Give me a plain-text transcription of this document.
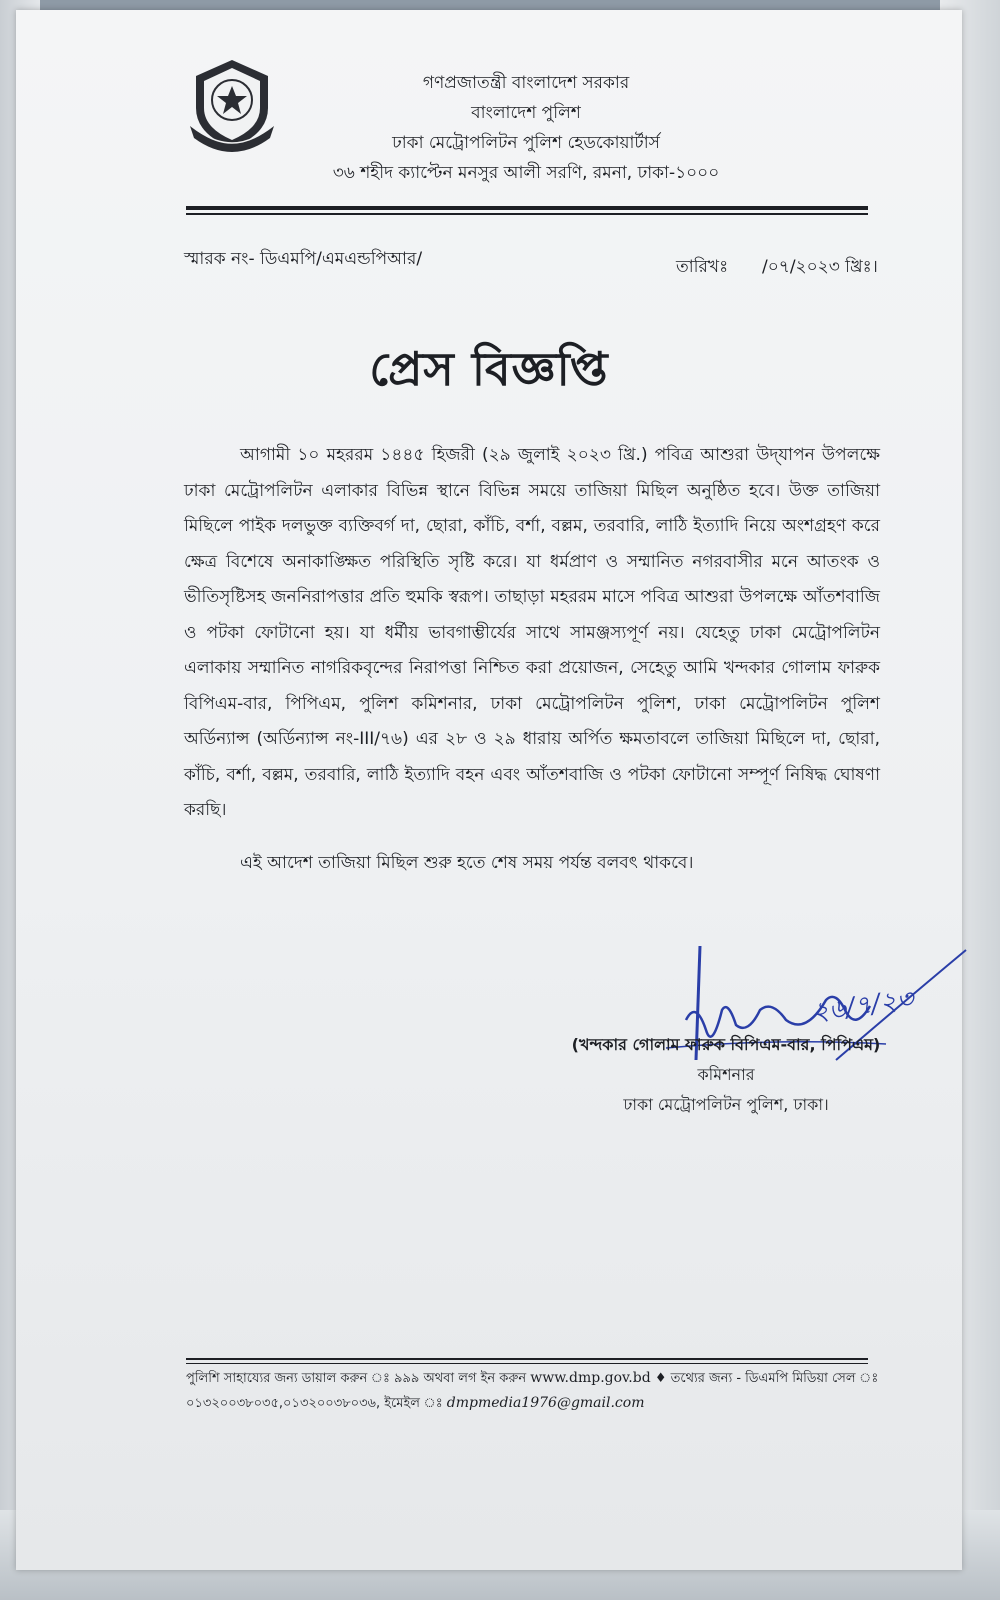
গণপ্রজাতন্ত্রী বাংলাদেশ সরকার
বাংলাদেশ পুলিশ
ঢাকা মেট্রোপলিটন পুলিশ হেডকোয়ার্টার্স
৩৬ শহীদ ক্যাপ্টেন মনসুর আলী সরণি, রমনা, ঢাকা-১০০০
স্মারক নং- ডিএমপি/এমএন্ডপিআর/	তারিখঃ /০৭/২০২৩ খ্রিঃ।
প্রেস বিজ্ঞপ্তি
আগামী ১০ মহররম ১৪৪৫ হিজরী (২৯ জুলাই ২০২৩ খ্রি.) পবিত্র আশুরা উদ্‌যাপন উপলক্ষে ঢাকা মেট্রোপলিটন এলাকার বিভিন্ন স্থানে বিভিন্ন সময়ে তাজিয়া মিছিল অনুষ্ঠিত হবে। উক্ত তাজিয়া মিছিলে পাইক দলভুক্ত ব্যক্তিবর্গ দা, ছোরা, কাঁচি, বর্শা, বল্লম, তরবারি, লাঠি ইত্যাদি নিয়ে অংশগ্রহণ করে ক্ষেত্র বিশেষে অনাকাঙ্ক্ষিত পরিস্থিতি সৃষ্টি করে। যা ধর্মপ্রাণ ও সম্মানিত নগরবাসীর মনে আতংক ও ভীতিসৃষ্টিসহ জননিরাপত্তার প্রতি হুমকি স্বরূপ। তাছাড়া মহররম মাসে পবিত্র আশুরা উপলক্ষে আঁতশবাজি ও পটকা ফোটানো হয়। যা ধর্মীয় ভাবগাম্ভীর্যের সাথে সামঞ্জস্যপূর্ণ নয়। যেহেতু ঢাকা মেট্রোপলিটন এলাকায় সম্মানিত নাগরিকবৃন্দের নিরাপত্তা নিশ্চিত করা প্রয়োজন, সেহেতু আমি খন্দকার গোলাম ফারুক বিপিএম-বার, পিপিএম, পুলিশ কমিশনার, ঢাকা মেট্রোপলিটন পুলিশ, ঢাকা মেট্রোপলিটন পুলিশ অর্ডিন্যান্স (অর্ডিন্যান্স নং-III/৭৬) এর ২৮ ও ২৯ ধারায় অর্পিত ক্ষমতাবলে তাজিয়া মিছিলে দা, ছোরা, কাঁচি, বর্শা, বল্লম, তরবারি, লাঠি ইত্যাদি বহন এবং আঁতশবাজি ও পটকা ফোটানো সম্পূর্ণ নিষিদ্ধ ঘোষণা করছি।
এই আদেশ তাজিয়া মিছিল শুরু হতে শেষ সময় পর্যন্ত বলবৎ থাকবে।
২৬/৭/২৩
(খন্দকার গোলাম ফারুক বিপিএম-বার, পিপিএম)
কমিশনার
ঢাকা মেট্রোপলিটন পুলিশ, ঢাকা।
পুলিশি সাহায্যের জন্য ডায়াল করুন ঃ ৯৯৯ অথবা লগ ইন করুন www.dmp.gov.bd ♦ তথ্যের জন্য - ডিএমপি মিডিয়া সেল ঃ
০১৩২০০৩৮০৩৫,০১৩২০০৩৮০৩৬, ইমেইল ঃ dmpmedia1976@gmail.com
